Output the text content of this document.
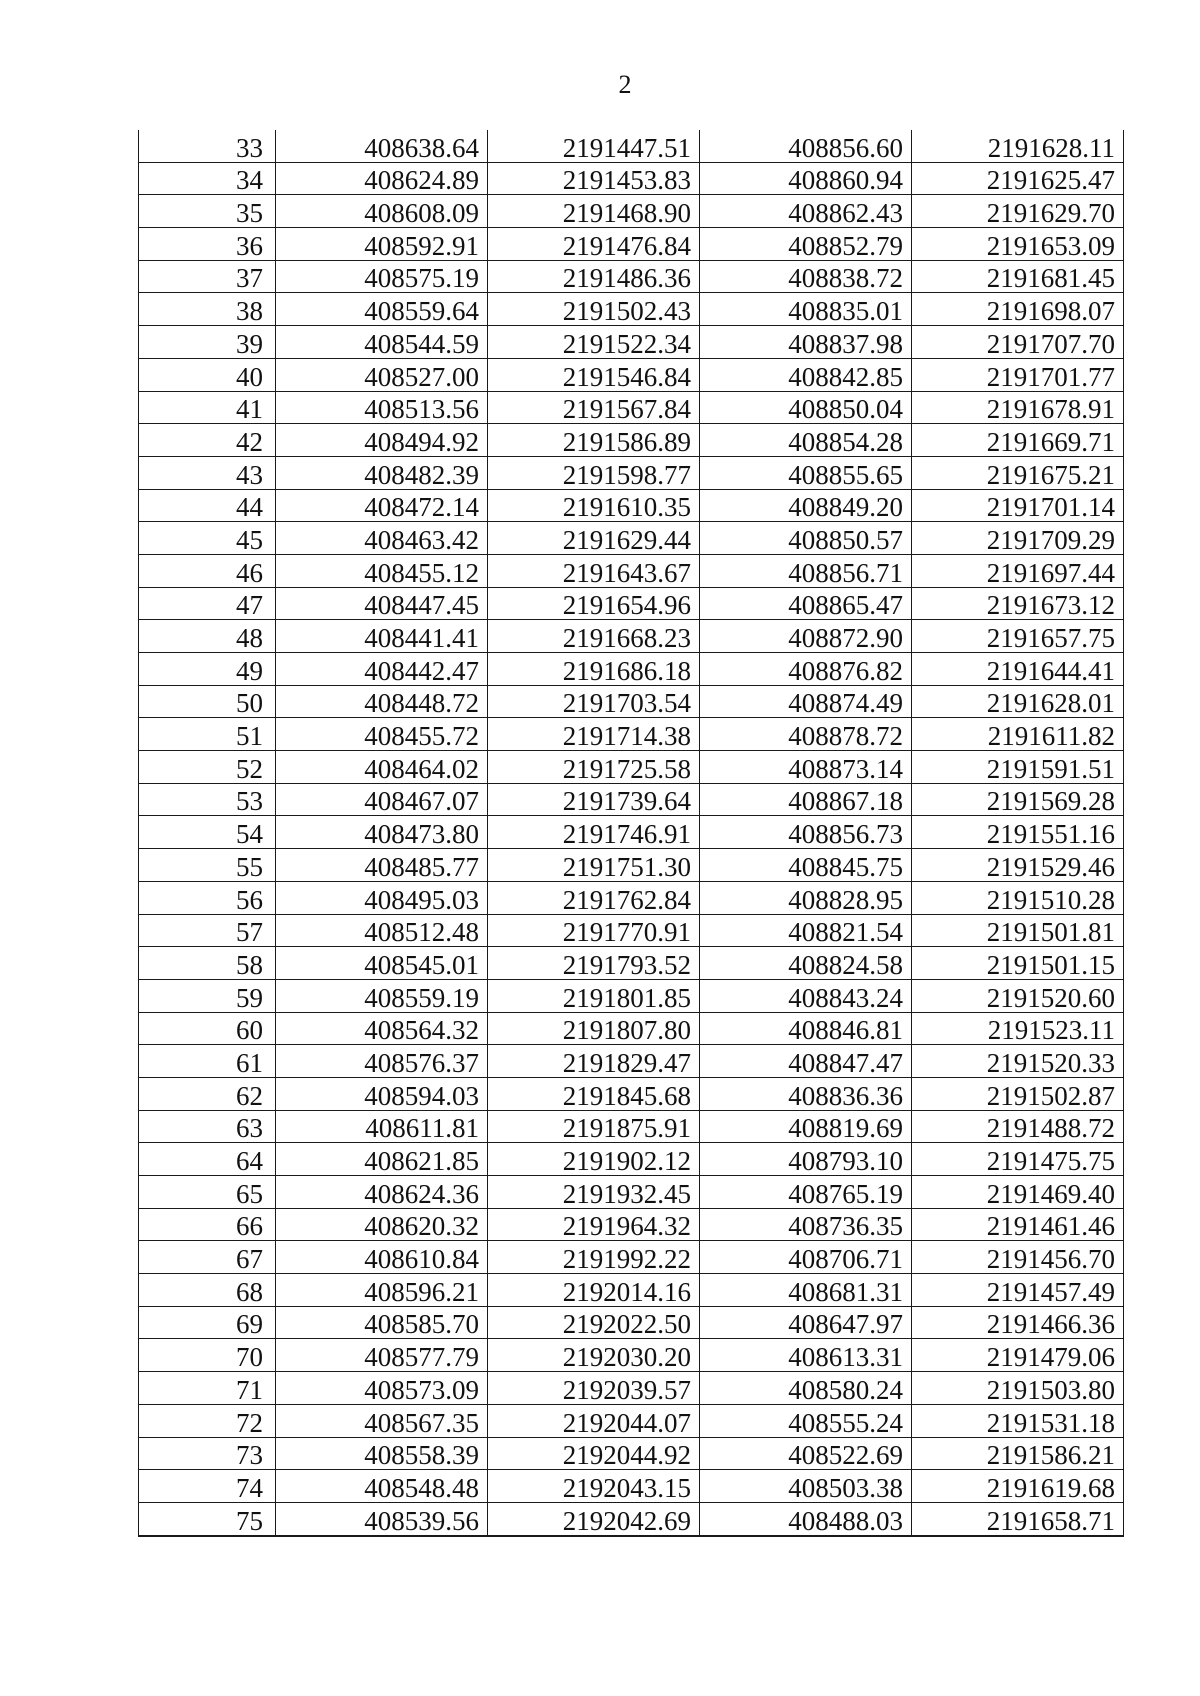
2
33	408638.64	2191447.51	408856.60	2191628.11
34	408624.89	2191453.83	408860.94	2191625.47
35	408608.09	2191468.90	408862.43	2191629.70
36	408592.91	2191476.84	408852.79	2191653.09
37	408575.19	2191486.36	408838.72	2191681.45
38	408559.64	2191502.43	408835.01	2191698.07
39	408544.59	2191522.34	408837.98	2191707.70
40	408527.00	2191546.84	408842.85	2191701.77
41	408513.56	2191567.84	408850.04	2191678.91
42	408494.92	2191586.89	408854.28	2191669.71
43	408482.39	2191598.77	408855.65	2191675.21
44	408472.14	2191610.35	408849.20	2191701.14
45	408463.42	2191629.44	408850.57	2191709.29
46	408455.12	2191643.67	408856.71	2191697.44
47	408447.45	2191654.96	408865.47	2191673.12
48	408441.41	2191668.23	408872.90	2191657.75
49	408442.47	2191686.18	408876.82	2191644.41
50	408448.72	2191703.54	408874.49	2191628.01
51	408455.72	2191714.38	408878.72	2191611.82
52	408464.02	2191725.58	408873.14	2191591.51
53	408467.07	2191739.64	408867.18	2191569.28
54	408473.80	2191746.91	408856.73	2191551.16
55	408485.77	2191751.30	408845.75	2191529.46
56	408495.03	2191762.84	408828.95	2191510.28
57	408512.48	2191770.91	408821.54	2191501.81
58	408545.01	2191793.52	408824.58	2191501.15
59	408559.19	2191801.85	408843.24	2191520.60
60	408564.32	2191807.80	408846.81	2191523.11
61	408576.37	2191829.47	408847.47	2191520.33
62	408594.03	2191845.68	408836.36	2191502.87
63	408611.81	2191875.91	408819.69	2191488.72
64	408621.85	2191902.12	408793.10	2191475.75
65	408624.36	2191932.45	408765.19	2191469.40
66	408620.32	2191964.32	408736.35	2191461.46
67	408610.84	2191992.22	408706.71	2191456.70
68	408596.21	2192014.16	408681.31	2191457.49
69	408585.70	2192022.50	408647.97	2191466.36
70	408577.79	2192030.20	408613.31	2191479.06
71	408573.09	2192039.57	408580.24	2191503.80
72	408567.35	2192044.07	408555.24	2191531.18
73	408558.39	2192044.92	408522.69	2191586.21
74	408548.48	2192043.15	408503.38	2191619.68
75	408539.56	2192042.69	408488.03	2191658.71
